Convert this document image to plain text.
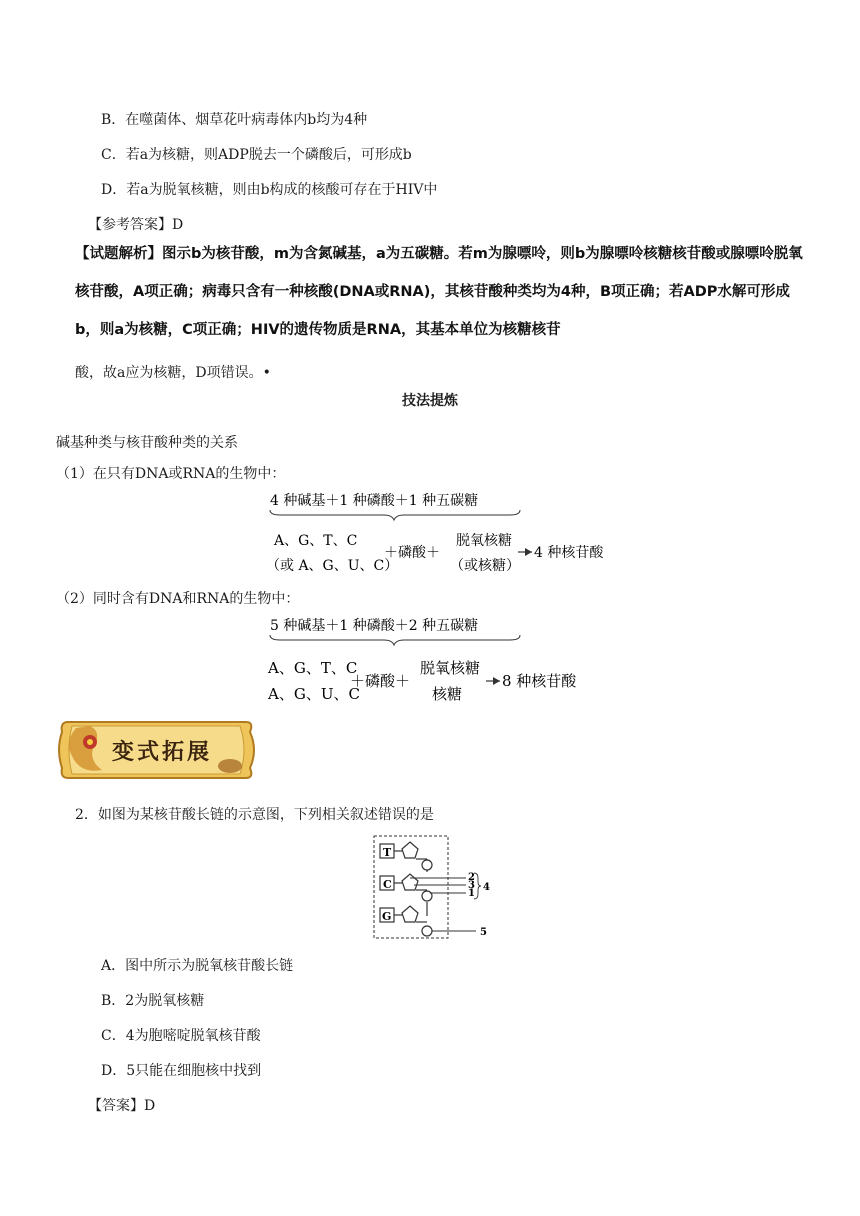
B．在噬菌体、烟草花叶病毒体内b均为4种
C．若a为核糖，则ADP脱去一个磷酸后，可形成b
D．若a为脱氧核糖，则由b构成的核酸可存在于HIV中
【参考答案】D
【试题解析】图示b为核苷酸，m为含氮碱基，a为五碳糖。若m为腺嘌呤，则b为腺嘌呤核糖核苷酸或腺嘌呤脱氧核苷酸，A项正确；病毒只含有一种核酸(DNA或RNA)，其核苷酸种类均为4种，B项正确；若ADP水解可形成b，则a为核糖，C项正确；HIV的遗传物质是RNA，其基本单位为核糖核苷
酸，故a应为核糖，D项错误。•
技法提炼
碱基种类与核苷酸种类的关系
（1）在只有DNA或RNA的生物中：
4 种碱基＋1 种磷酸＋1 种五碳糖
A、G、T、C
（或 A、G、U、C）
＋磷酸＋
脱氧核糖
（或核糖）
4 种核苷酸
（2）同时含有DNA和RNA的生物中：
5 种碱基＋1 种磷酸＋2 种五碳糖
A、G、T、C
A、G、U、C
＋磷酸＋
脱氧核糖
核糖
8 种核苷酸
变式拓展
2．如图为某核苷酸长链的示意图，下列相关叙述错误的是
T
C
G
2
3
1
4
5
A．图中所示为脱氧核苷酸长链
B．2为脱氧核糖
C．4为胞嘧啶脱氧核苷酸
D．5只能在细胞核中找到
【答案】D
